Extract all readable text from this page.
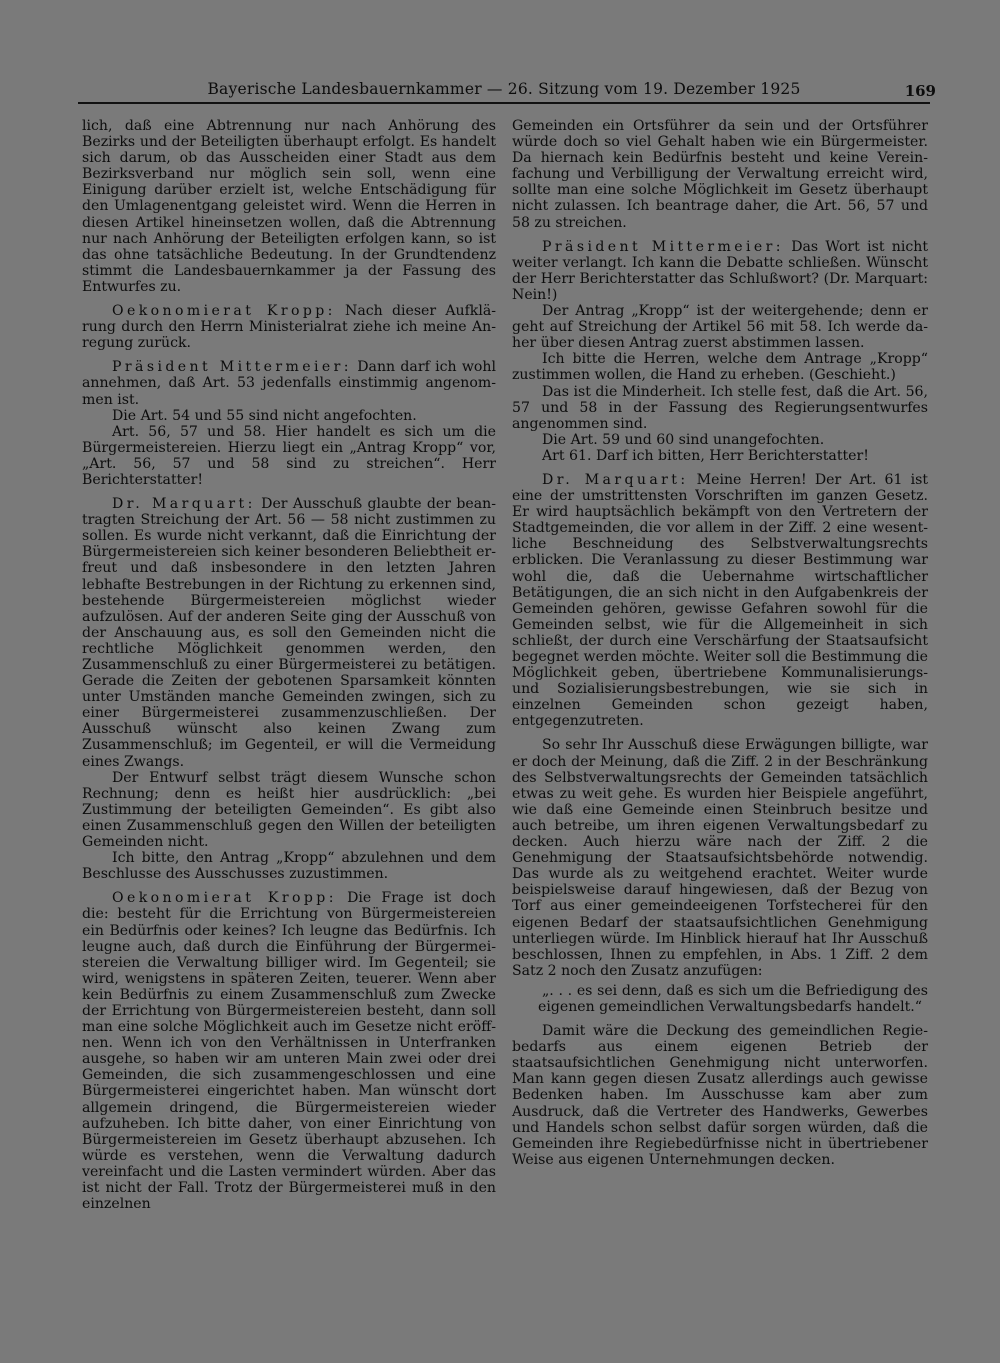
Bayerische Landesbauernkammer — 26. Sitzung vom 19. Dezember 1925	169

lich, daß eine Abtrennung nur nach Anhörung des Bezirks und der Beteiligten überhaupt erfolgt. Es handelt sich darum, ob das Ausscheiden einer Stadt aus dem Bezirksverband nur möglich sein soll, wenn eine Einigung darüber erzielt ist, welche Entschädigung für den Umlagenentgang geleistet wird. Wenn die Herren in diesen Artikel hineinsetzen wollen, daß die Abtrennung nur nach Anhörung der Beteiligten erfolgen kann, so ist das ohne tatsächliche Bedeutung. In der Grundtendenz stimmt die Landesbauernkammer ja der Fassung des Entwurfes zu.

Oekonomierat Kropp: Nach dieser Aufklärung durch den Herrn Ministerialrat ziehe ich meine Anregung zurück.

Präsident Mittermeier: Dann darf ich wohl annehmen, daß Art. 53 jedenfalls einstimmig angenommen ist.

Die Art. 54 und 55 sind nicht angefochten.

Art. 56, 57 und 58. Hier handelt es sich um die Bürgermeistereien. Hierzu liegt ein „Antrag Kropp“ vor, „Art. 56, 57 und 58 sind zu streichen“. Herr Berichterstatter!

Dr. Marquart: Der Ausschuß glaubte der beantragten Streichung der Art. 56 — 58 nicht zustimmen zu sollen. Es wurde nicht verkannt, daß die Einrichtung der Bürgermeistereien sich keiner besonderen Beliebtheit erfreut und daß insbesondere in den letzten Jahren lebhafte Bestrebungen in der Richtung zu erkennen sind, bestehende Bürgermeistereien möglichst wieder aufzulösen. Auf der anderen Seite ging der Ausschuß von der Anschauung aus, es soll den Gemeinden nicht die rechtliche Möglichkeit genommen werden, den Zusammenschluß zu einer Bürgermeisterei zu betätigen. Gerade die Zeiten der gebotenen Sparsamkeit könnten unter Umständen manche Gemeinden zwingen, sich zu einer Bürgermeisterei zusammenzuschließen. Der Ausschuß wünscht also keinen Zwang zum Zusammenschluß; im Gegenteil, er will die Vermeidung eines Zwangs.

Der Entwurf selbst trägt diesem Wunsche schon Rechnung; denn es heißt hier ausdrücklich: „bei Zustimmung der beteiligten Gemeinden“. Es gibt also einen Zusammenschluß gegen den Willen der beteiligten Gemeinden nicht.

Ich bitte, den Antrag „Kropp“ abzulehnen und dem Beschlusse des Ausschusses zuzustimmen.

Oekonomierat Kropp: Die Frage ist doch die: besteht für die Errichtung von Bürgermeistereien ein Bedürfnis oder keines? Ich leugne das Bedürfnis. Ich leugne auch, daß durch die Einführung der Bürgermeistereien die Verwaltung billiger wird. Im Gegenteil; sie wird, wenigstens in späteren Zeiten, teuerer. Wenn aber kein Bedürfnis zu einem Zusammenschluß zum Zwecke der Errichtung von Bürgermeistereien besteht, dann soll man eine solche Möglichkeit auch im Gesetze nicht eröffnen. Wenn ich von den Verhältnissen in Unterfranken ausgehe, so haben wir am unteren Main zwei oder drei Gemeinden, die sich zusammengeschlossen und eine Bürgermeisterei eingerichtet haben. Man wünscht dort allgemein dringend, die Bürgermeistereien wieder aufzuheben. Ich bitte daher, von einer Einrichtung von Bürgermeistereien im Gesetz überhaupt abzusehen. Ich würde es verstehen, wenn die Verwaltung dadurch vereinfacht und die Lasten vermindert würden. Aber das ist nicht der Fall. Trotz der Bürgermeisterei muß in den einzelnen

Gemeinden ein Ortsführer da sein und der Ortsführer würde doch so viel Gehalt haben wie ein Bürgermeister. Da hiernach kein Bedürfnis besteht und keine Vereinfachung und Verbilligung der Verwaltung erreicht wird, sollte man eine solche Möglichkeit im Gesetz überhaupt nicht zulassen. Ich beantrage daher, die Art. 56, 57 und 58 zu streichen.

Präsident Mittermeier: Das Wort ist nicht weiter verlangt. Ich kann die Debatte schließen. Wünscht der Herr Berichterstatter das Schlußwort? (Dr. Marquart: Nein!)

Der Antrag „Kropp“ ist der weitergehende; denn er geht auf Streichung der Artikel 56 mit 58. Ich werde daher über diesen Antrag zuerst abstimmen lassen.

Ich bitte die Herren, welche dem Antrage „Kropp“ zustimmen wollen, die Hand zu erheben. (Geschieht.)

Das ist die Minderheit. Ich stelle fest, daß die Art. 56, 57 und 58 in der Fassung des Regierungsentwurfes angenommen sind.

Die Art. 59 und 60 sind unangefochten.

Art 61. Darf ich bitten, Herr Berichterstatter!

Dr. Marquart: Meine Herren! Der Art. 61 ist eine der umstrittensten Vorschriften im ganzen Gesetz. Er wird hauptsächlich bekämpft von den Vertretern der Stadtgemeinden, die vor allem in der Ziff. 2 eine wesentliche Beschneidung des Selbstverwaltungsrechts erblicken. Die Veranlassung zu dieser Bestimmung war wohl die, daß die Uebernahme wirtschaftlicher Betätigungen, die an sich nicht in den Aufgabenkreis der Gemeinden gehören, gewisse Gefahren sowohl für die Gemeinden selbst, wie für die Allgemeinheit in sich schließt, der durch eine Verschärfung der Staatsaufsicht begegnet werden möchte. Weiter soll die Bestimmung die Möglichkeit geben, übertriebene Kommunalisierungs- und Sozialisierungsbestrebungen, wie sie sich in einzelnen Gemeinden schon gezeigt haben, entgegenzutreten.

So sehr Ihr Ausschuß diese Erwägungen billigte, war er doch der Meinung, daß die Ziff. 2 in der Beschränkung des Selbstverwaltungsrechts der Gemeinden tatsächlich etwas zu weit gehe. Es wurden hier Beispiele angeführt, wie daß eine Gemeinde einen Steinbruch besitze und auch betreibe, um ihren eigenen Verwaltungsbedarf zu decken. Auch hierzu wäre nach der Ziff. 2 die Genehmigung der Staatsaufsichtsbehörde notwendig. Das wurde als zu weitgehend erachtet. Weiter wurde beispielsweise darauf hingewiesen, daß der Bezug von Torf aus einer gemeindeeigenen Torfstecherei für den eigenen Bedarf der staatsaufsichtlichen Genehmigung unterliegen würde. Im Hinblick hierauf hat Ihr Ausschuß beschlossen, Ihnen zu empfehlen, in Abs. 1 Ziff. 2 dem Satz 2 noch den Zusatz anzufügen:

„. . . es sei denn, daß es sich um die Befriedigung des eigenen gemeindlichen Verwaltungsbedarfs handelt.“

Damit wäre die Deckung des gemeindlichen Regiebedarfs aus einem eigenen Betrieb der staatsaufsichtlichen Genehmigung nicht unterworfen. Man kann gegen diesen Zusatz allerdings auch gewisse Bedenken haben. Im Ausschusse kam aber zum Ausdruck, daß die Vertreter des Handwerks, Gewerbes und Handels schon selbst dafür sorgen würden, daß die Gemeinden ihre Regiebedürfnisse nicht in übertriebener Weise aus eigenen Unternehmungen decken.
